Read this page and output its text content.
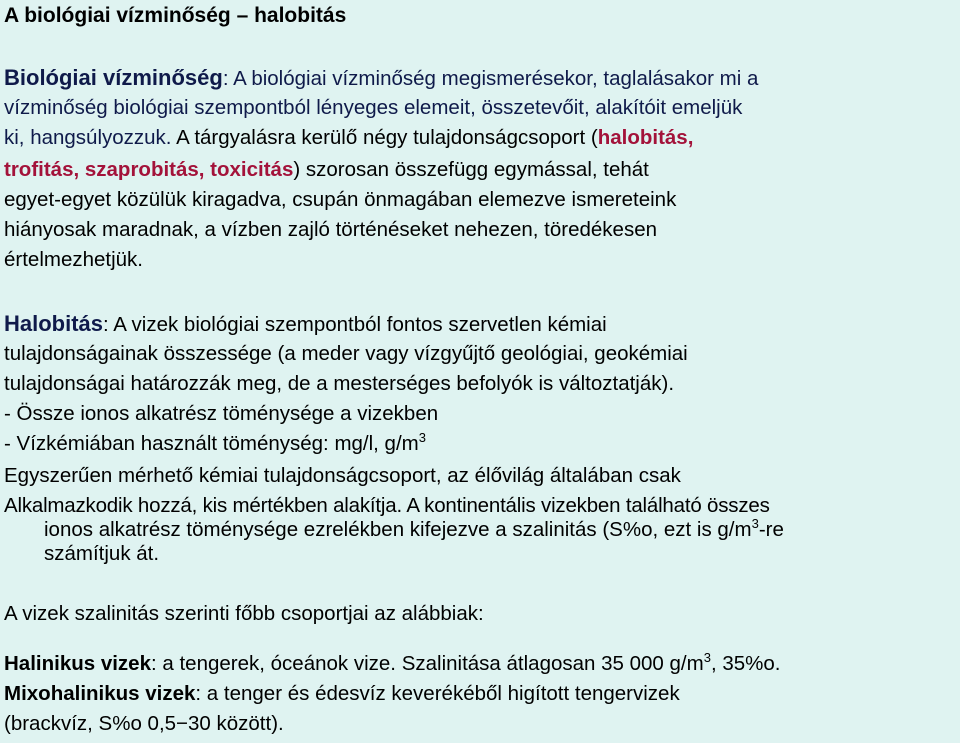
A biológiai vízminőség – halobitás
Biológiai vízminőség: A biológiai vízminőség megismerésekor, taglalásakor mi a
vízminőség biológiai szempontból lényeges elemeit, összetevőit, alakítóit emeljük
ki, hangsúlyozzuk. A tárgyalásra kerülő négy tulajdonságcsoport (halobitás,
trofitás, szaprobitás, toxicitás) szorosan összefügg egymással, tehát
egyet-egyet közülük kiragadva, csupán önmagában elemezve ismereteink
hiányosak maradnak, a vízben zajló történéseket nehezen, töredékesen
értelmezhetjük.
Halobitás: A vizek biológiai szempontból fontos szervetlen kémiai
tulajdonságainak összessége (a meder vagy vízgyűjtő geológiai, geokémiai
tulajdonságai határozzák meg, de a mesterséges befolyók is változtatják).
- Össze ionos alkatrész töménysége a vizekben
- Vízkémiában használt töménység: mg/l, $g/m^3$
Egyszerűen mérhető kémiai tulajdonságcsoport, az élővilág általában csak
Alkalmazkodik hozzá, kis mértékben alakítja. A kontinentális vizekben található összes
ionos alkatrész töménysége ezrelékben kifejezve a szalinitás (S%o, ezt is $g/m^3-re$
számítjuk át.
A vizek szalinitás szerinti főbb csoportjai az alábbiak:
Halinikus vizek: a tengerek, óceánok vize. Szalinitása átlagosan 35 000 $g/m^3$, 35%o.
Mixohalinikus vizek: a tenger és édesvíz keverékéből higított tengervizek
(brackvíz, S%o 0,5−30 között).
